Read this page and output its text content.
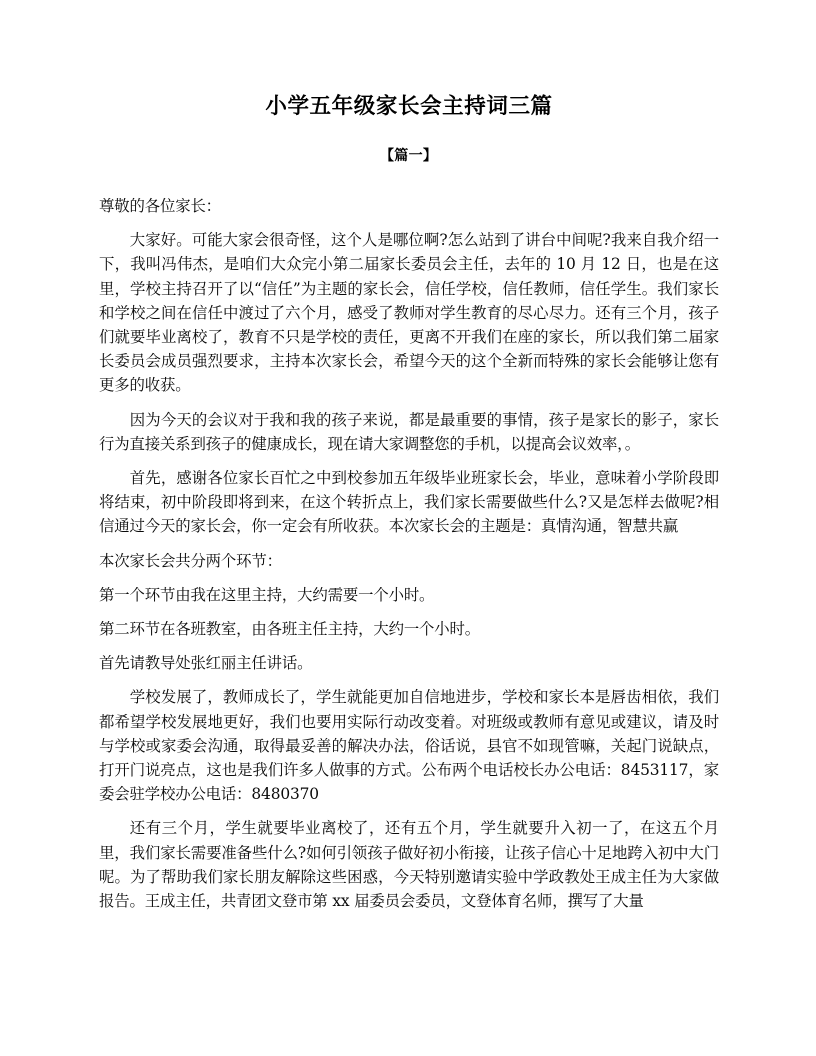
小学五年级家长会主持词三篇
【篇一】

尊敬的各位家长：

大家好。可能大家会很奇怪，这个人是哪位啊?怎么站到了讲台中间呢?我来自我介绍一下，我叫冯伟杰，是咱们大众完小第二届家长委员会主任，去年的 10 月 12 日，也是在这里，学校主持召开了以“信任”为主题的家长会，信任学校，信任教师，信任学生。我们家长和学校之间在信任中渡过了六个月，感受了教师对学生教育的尽心尽力。还有三个月，孩子们就要毕业离校了，教育不只是学校的责任，更离不开我们在座的家长，所以我们第二届家长委员会成员强烈要求，主持本次家长会，希望今天的这个全新而特殊的家长会能够让您有更多的收获。

因为今天的会议对于我和我的孩子来说，都是最重要的事情，孩子是家长的影子，家长行为直接关系到孩子的健康成长，现在请大家调整您的手机，以提高会议效率，。

首先，感谢各位家长百忙之中到校参加五年级毕业班家长会，毕业，意味着小学阶段即将结束，初中阶段即将到来，在这个转折点上，我们家长需要做些什么?又是怎样去做呢?相信通过今天的家长会，你一定会有所收获。本次家长会的主题是：真情沟通，智慧共赢

本次家长会共分两个环节：

第一个环节由我在这里主持，大约需要一个小时。

第二环节在各班教室，由各班主任主持，大约一个小时。

首先请教导处张红丽主任讲话。

学校发展了，教师成长了，学生就能更加自信地进步，学校和家长本是唇齿相依，我们都希望学校发展地更好，我们也要用实际行动改变着。对班级或教师有意见或建议，请及时与学校或家委会沟通，取得最妥善的解决办法，俗话说，县官不如现管嘛，关起门说缺点，打开门说亮点，这也是我们许多人做事的方式。公布两个电话校长办公电话：8453117，家委会驻学校办公电话：8480370

还有三个月，学生就要毕业离校了，还有五个月，学生就要升入初一了，在这五个月里，我们家长需要准备些什么?如何引领孩子做好初小衔接，让孩子信心十足地跨入初中大门呢。为了帮助我们家长朋友解除这些困惑，今天特别邀请实验中学政教处王成主任为大家做报告。王成主任，共青团文登市第 xx 届委员会委员，文登体育名师，撰写了大量
